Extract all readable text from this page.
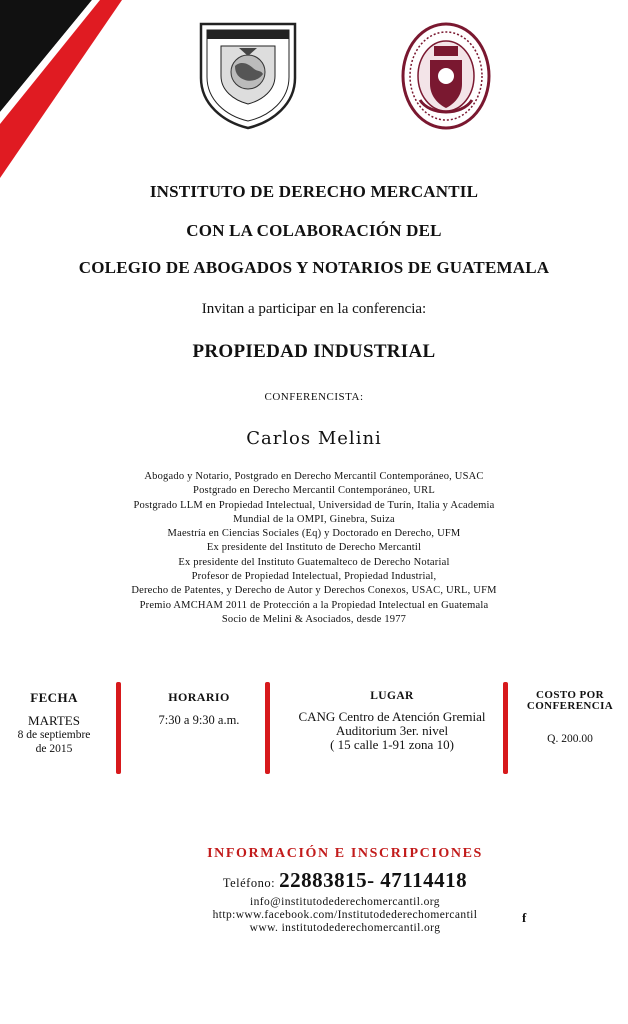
INSTITUTO DE DERECHO MERCANTIL
CON LA COLABORACIÓN DEL
COLEGIO DE ABOGADOS Y NOTARIOS DE GUATEMALA
Invitan a participar en la conferencia:
PROPIEDAD INDUSTRIAL
CONFERENCISTA:
Carlos Melini
Abogado y Notario, Postgrado en Derecho Mercantil Contemporáneo, USAC
Postgrado en Derecho Mercantil Contemporáneo, URL
Postgrado LLM en Propiedad Intelectual, Universidad de Turín, Italia y Academia
Mundial de la OMPI, Ginebra, Suiza
Maestría en Ciencias Sociales (Eq) y Doctorado en Derecho, UFM
Ex presidente del Instituto de Derecho Mercantil
Ex presidente del Instituto Guatemalteco de Derecho Notarial
Profesor de Propiedad Intelectual, Propiedad Industrial,
Derecho de Patentes, y Derecho de Autor y Derechos Conexos, USAC, URL, UFM
Premio AMCHAM 2011 de Protección a la Propiedad Intelectual en Guatemala
Socio de Melini & Asociados, desde 1977
FECHA
MARTES
8 de septiembre
de 2015
HORARIO
7:30 a 9:30 a.m.
LUGAR
CANG Centro de Atención Gremial
Auditorium 3er. nivel
( 15 calle 1-91 zona 10)
COSTO POR
CONFERENCIA
Q. 200.00
INFORMACIÓN E INSCRIPCIONES
Teléfono: 22883815- 47114418
info@institutodederechomercantil.org
http:www.facebook.com/Institutodederechomercantil
www. institutodederechomercantil.org
f
